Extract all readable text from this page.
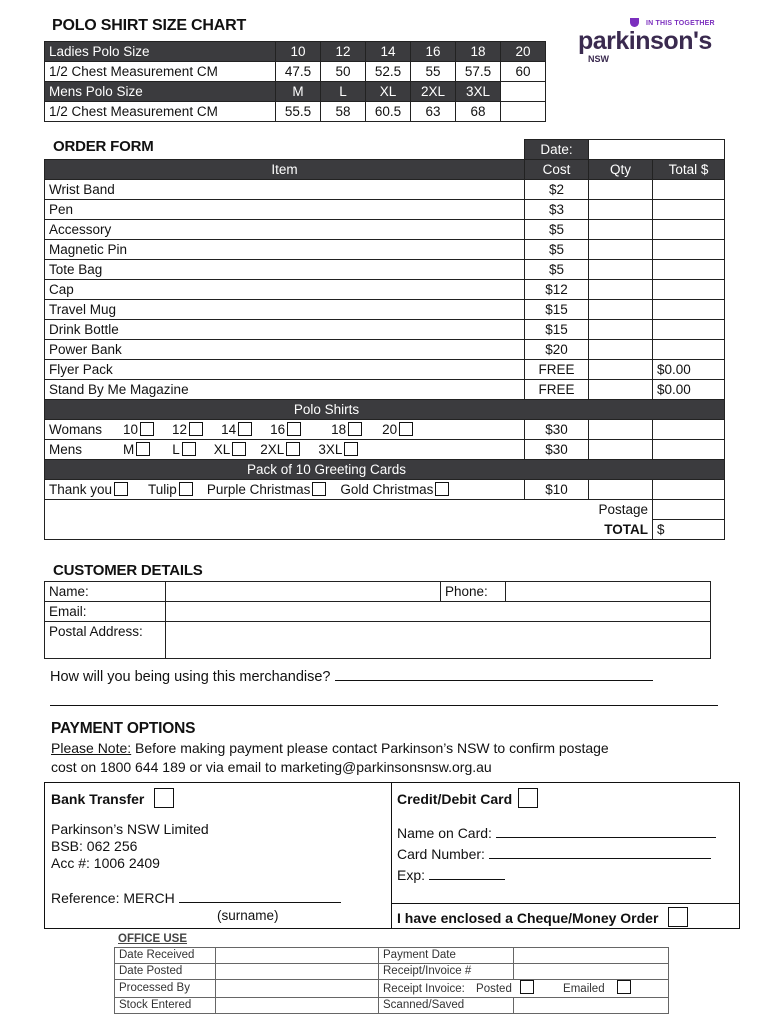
POLO SHIRT SIZE CHART
Ladies Polo Size	10	12	14	16	18	20
1/2 Chest Measurement CM	47.5	50	52.5	55	57.5	60
Mens Polo Size	M	L	XL	2XL	3XL	
1/2 Chest Measurement CM	55.5	58	60.5	63	68	
IN THIS TOGETHER
parkinson's
NSW
ORDER FORM
		Date:		
Item	Cost	Qty	Total $
Wrist Band	$2		
Pen	$3		
Accessory	$5		
Magnetic Pin	$5		
Tote Bag	$5		
Cap	$12		
Travel Mug	$15		
Drink Bottle	$15		
Power Bank	$20		
Flyer Pack	FREE		$0.00
Stand By Me Magazine	FREE		$0.00
Polo Shirts			
Womans 10 12 14 16 18 20	$30		
Mens M L XL 2XL 3XL	$30		
Pack of 10 Greeting Cards			
Thank you Tulip Purple Christmas Gold Christmas	$10		
Postage			
TOTAL			$
CUSTOMER DETAILS
Name:		Phone:	
Email:			
Postal Address:			
How will you being using this merchandise?
PAYMENT OPTIONS
Please Note: Before making payment please contact Parkinson’s NSW to confirm postage
cost on 1800 644 189 or via email to marketing@parkinsonsnsw.org.au
Bank Transfer
Parkinson’s NSW Limited
BSB: 062 256
Acc #: 1006 2409
Reference: MERCH
(surname)
Credit/Debit Card
Name on Card:
Card Number:
Exp:
I have enclosed a Cheque/Money Order
OFFICE USE
Date Received		Payment Date	
Date Posted		Receipt/Invoice #	
Processed By		Receipt Invoice: Posted Emailed	
Stock Entered		Scanned/Saved	
